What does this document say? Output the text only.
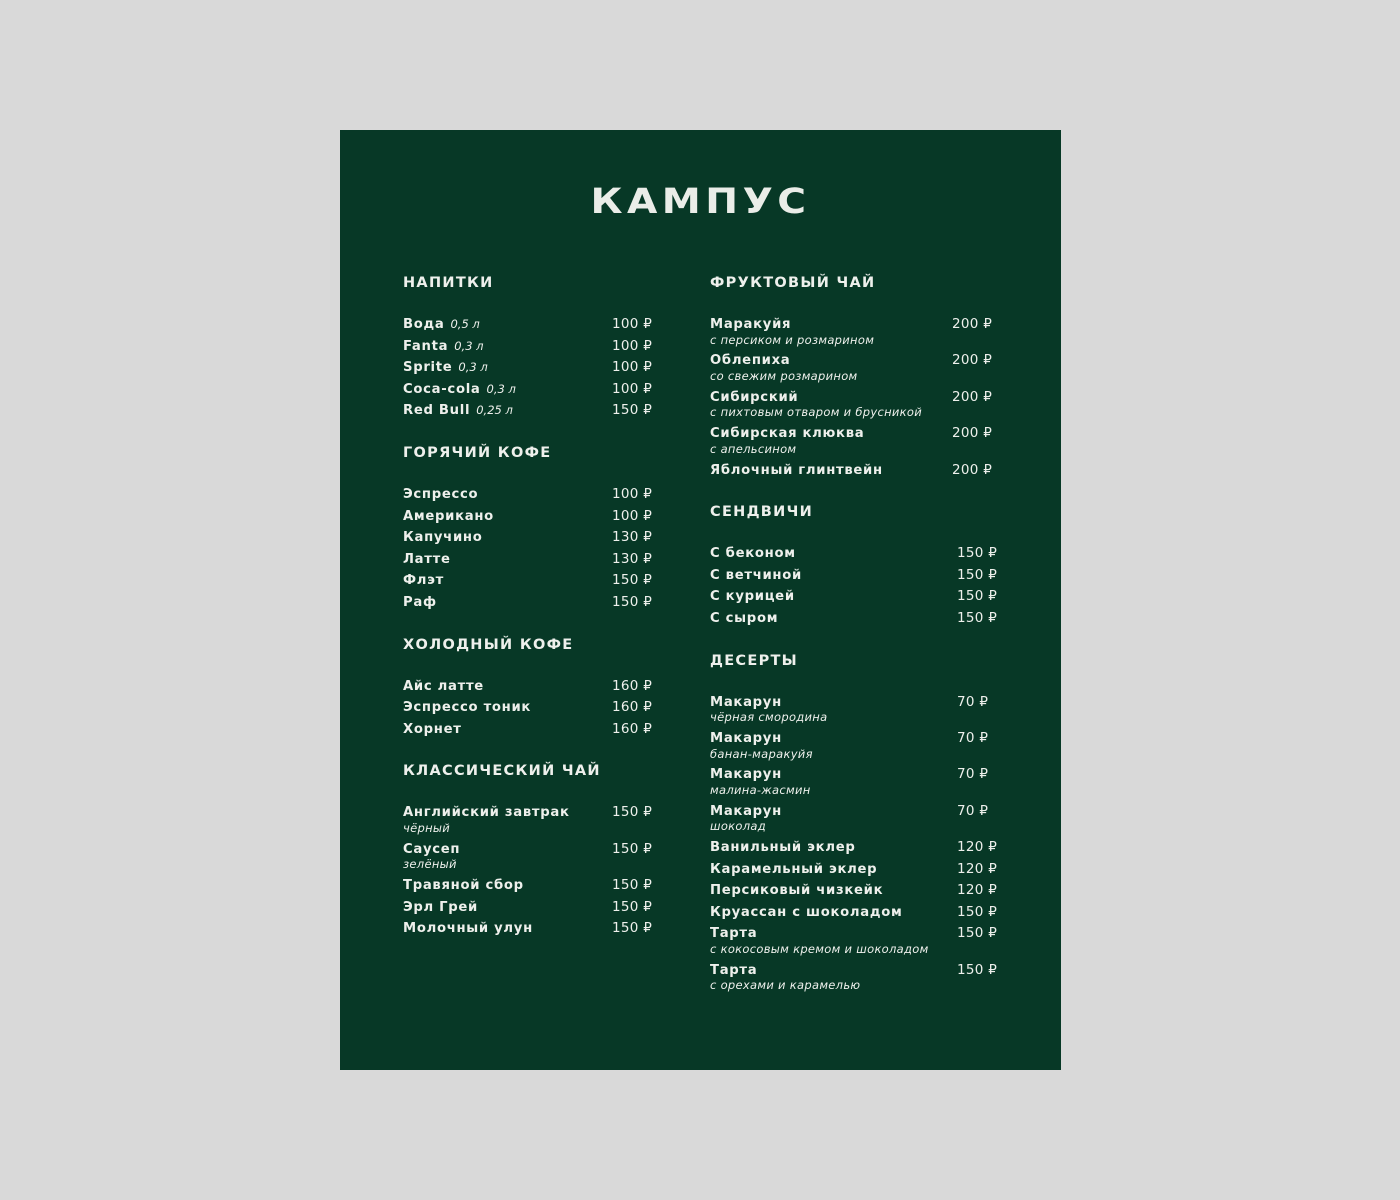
КАМПУС
НАПИТКИ
Вода 0,5 л	100 ₽
Fanta 0,3 л	100 ₽
Sprite 0,3 л	100 ₽
Coca-cola 0,3 л	100 ₽
Red Bull 0,25 л	150 ₽
ГОРЯЧИЙ КОФЕ
Эспрессо	100 ₽
Американо	100 ₽
Капучино	130 ₽
Латте	130 ₽
Флэт	150 ₽
Раф	150 ₽
ХОЛОДНЫЙ КОФЕ
Айс латте	160 ₽
Эспрессо тоник	160 ₽
Хорнет	160 ₽
КЛАССИЧЕСКИЙ ЧАЙ
Английский завтрак	150 ₽
чёрный
Саусеп	150 ₽
зелёный
Травяной сбор	150 ₽
Эрл Грей	150 ₽
Молочный улун	150 ₽
ФРУКТОВЫЙ ЧАЙ
Маракуйя	200 ₽
с персиком и розмарином
Облепиха	200 ₽
со свежим розмарином
Сибирский	200 ₽
с пихтовым отваром и брусникой
Сибирская клюква	200 ₽
с апельсином
Яблочный глинтвейн	200 ₽
СЕНДВИЧИ
С беконом	150 ₽
С ветчиной	150 ₽
С курицей	150 ₽
С сыром	150 ₽
ДЕСЕРТЫ
Макарун	70 ₽
чёрная смородина
Макарун	70 ₽
банан-маракуйя
Макарун	70 ₽
малина-жасмин
Макарун	70 ₽
шоколад
Ванильный эклер	120 ₽
Карамельный эклер	120 ₽
Персиковый чизкейк	120 ₽
Круассан с шоколадом	150 ₽
Тарта	150 ₽
с кокосовым кремом и шоколадом
Тарта	150 ₽
с орехами и карамелью
